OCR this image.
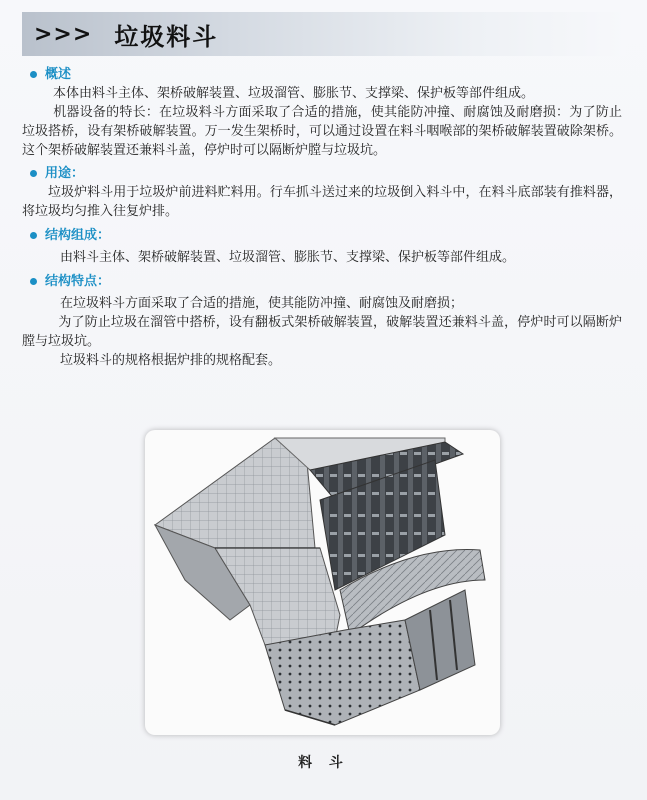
>>> 垃圾料斗
概述

本体由料斗主体、架桥破解装置、垃圾溜管、膨胀节、支撑梁、保护板等部件组成。

机器设备的特长：在垃圾料斗方面采取了合适的措施，使其能防冲撞、耐腐蚀及耐磨损：为了防止垃圾搭桥，设有架桥破解装置。万一发生架桥时，可以通过设置在料斗咽喉部的架桥破解装置破除架桥。这个架桥破解装置还兼料斗盖，停炉时可以隔断炉膛与垃圾坑。

用途：

垃圾炉料斗用于垃圾炉前进料贮料用。行车抓斗送过来的垃圾倒入料斗中，在料斗底部装有推料器，将垃圾均匀推入往复炉排。

结构组成：

由料斗主体、架桥破解装置、垃圾溜管、膨胀节、支撑梁、保护板等部件组成。

结构特点：

在垃圾料斗方面采取了合适的措施，使其能防冲撞、耐腐蚀及耐磨损；

为了防止垃圾在溜管中搭桥，设有翻板式架桥破解装置，破解装置还兼料斗盖，停炉时可以隔断炉膛与垃圾坑。

垃圾料斗的规格根据炉排的规格配套。

料 斗
